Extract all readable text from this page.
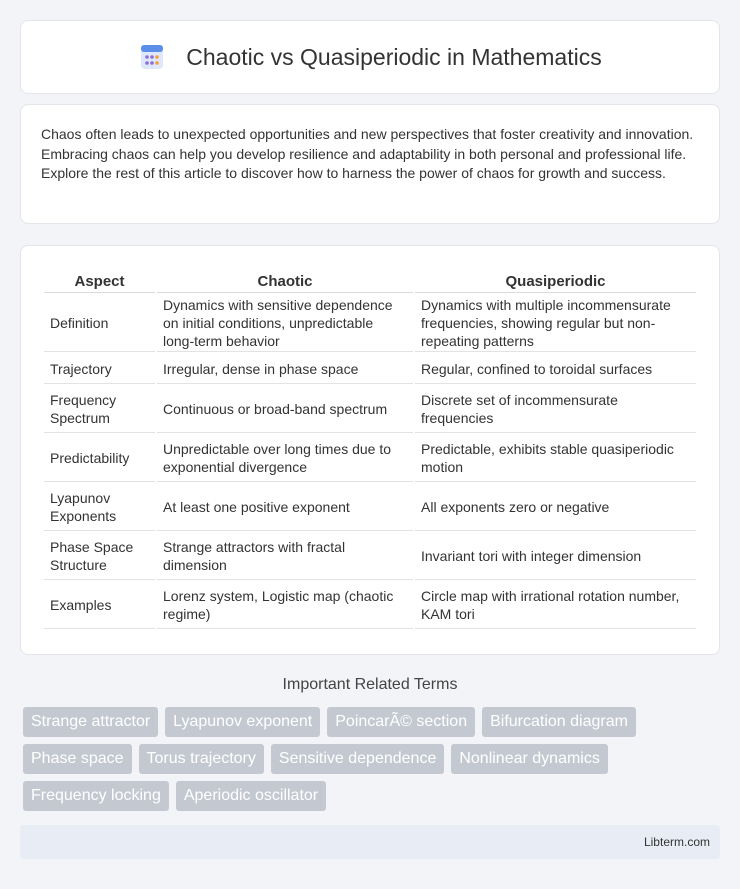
Chaotic vs Quasiperiodic in Mathematics

Chaos often leads to unexpected opportunities and new perspectives that foster creativity and innovation. Embracing chaos can help you develop resilience and adaptability in both personal and professional life. Explore the rest of this article to discover how to harness the power of chaos for growth and success.

Aspect	Chaotic	Quasiperiodic
Definition	Dynamics with sensitive dependence on initial conditions, unpredictable long-term behavior	Dynamics with multiple incommensurate frequencies, showing regular but non-repeating patterns
Trajectory	Irregular, dense in phase space	Regular, confined to toroidal surfaces
Frequency Spectrum	Continuous or broad-band spectrum	Discrete set of incommensurate frequencies
Predictability	Unpredictable over long times due to exponential divergence	Predictable, exhibits stable quasiperiodic motion
Lyapunov Exponents	At least one positive exponent	All exponents zero or negative
Phase Space Structure	Strange attractors with fractal dimension	Invariant tori with integer dimension
Examples	Lorenz system, Logistic map (chaotic regime)	Circle map with irrational rotation number, KAM tori
Important Related Terms
Strange attractor	Lyapunov exponent	PoincarÃ© section	Bifurcation diagram
Phase space	Torus trajectory	Sensitive dependence	Nonlinear dynamics
Frequency locking	Aperiodic oscillator
Libterm.com
